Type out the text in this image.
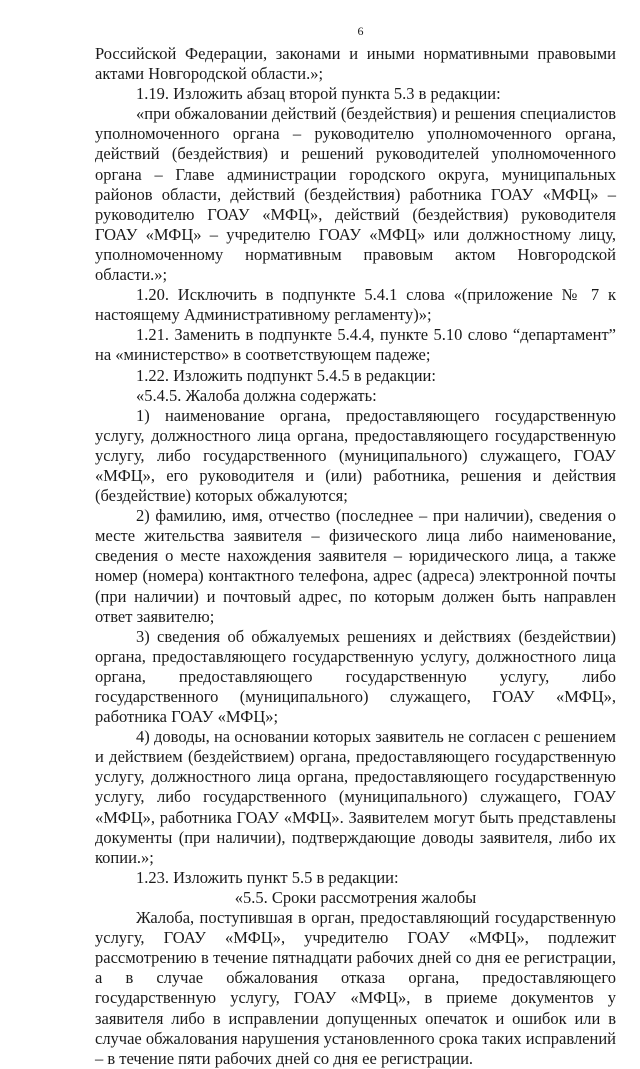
6

Российской Федерации, законами и иными нормативными правовыми актами Новгородской области.»;

1.19. Изложить абзац второй пункта 5.3 в редакции:

«при обжаловании действий (бездействия) и решения специалистов уполномоченного органа – руководителю уполномоченного органа, действий (бездействия) и решений руководителей уполномоченного органа – Главе администрации городского округа, муниципальных районов области, действий (бездействия) работника ГОАУ «МФЦ» – руководителю ГОАУ «МФЦ», действий (бездействия) руководителя ГОАУ «МФЦ» – учредителю ГОАУ «МФЦ» или должностному лицу, уполномоченному нормативным правовым актом Новгородской области.»;

1.20. Исключить в подпункте 5.4.1 слова «(приложение № 7 к настоящему Административному регламенту)»;

1.21. Заменить в подпункте 5.4.4, пункте 5.10 слово “департамент” на «министерство» в соответствующем падеже;

1.22. Изложить подпункт 5.4.5 в редакции:

«5.4.5. Жалоба должна содержать:

1) наименование органа, предоставляющего государственную услугу, должностного лица органа, предоставляющего государственную услугу, либо государственного (муниципального) служащего, ГОАУ «МФЦ», его руководителя и (или) работника, решения и действия (бездействие) которых обжалуются;

2) фамилию, имя, отчество (последнее – при наличии), сведения о месте жительства заявителя – физического лица либо наименование, сведения о месте нахождения заявителя – юридического лица, а также номер (номера) контактного телефона, адрес (адреса) электронной почты (при наличии) и почтовый адрес, по которым должен быть направлен ответ заявителю;

3) сведения об обжалуемых решениях и действиях (бездействии) органа, предоставляющего государственную услугу, должностного лица органа, предоставляющего государственную услугу, либо государственного (муниципального) служащего, ГОАУ «МФЦ», работника ГОАУ «МФЦ»;

4) доводы, на основании которых заявитель не согласен с решением и действием (бездействием) органа, предоставляющего государственную услугу, должностного лица органа, предоставляющего государственную услугу, либо государственного (муниципального) служащего, ГОАУ «МФЦ», работника ГОАУ «МФЦ». Заявителем могут быть представлены документы (при наличии), подтверждающие доводы заявителя, либо их копии.»;

1.23. Изложить пункт 5.5 в редакции:

«5.5. Сроки рассмотрения жалобы

Жалоба, поступившая в орган, предоставляющий государственную услугу, ГОАУ «МФЦ», учредителю ГОАУ «МФЦ», подлежит рассмотрению в течение пятнадцати рабочих дней со дня ее регистрации, а в случае обжалования отказа органа, предоставляющего государственную услугу, ГОАУ «МФЦ», в приеме документов у заявителя либо в исправлении допущенных опечаток и ошибок или в случае обжалования нарушения установленного срока таких исправлений – в течение пяти рабочих дней со дня ее регистрации.
